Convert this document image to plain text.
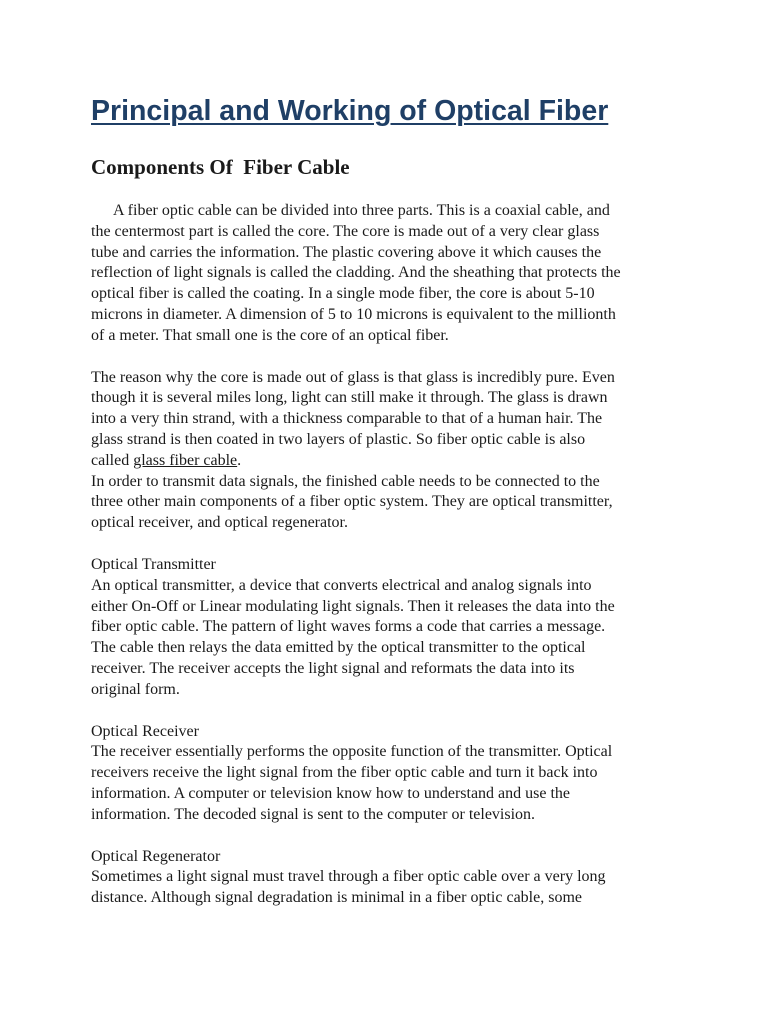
Principal and Working of Optical Fiber
Components Of  Fiber Cable

A fiber optic cable can be divided into three parts. This is a coaxial cable, and
the centermost part is called the core. The core is made out of a very clear glass
tube and carries the information. The plastic covering above it which causes the
reflection of light signals is called the cladding. And the sheathing that protects the
optical fiber is called the coating. In a single mode fiber, the core is about 5-10
microns in diameter. A dimension of 5 to 10 microns is equivalent to the millionth
of a meter. That small one is the core of an optical fiber.

The reason why the core is made out of glass is that glass is incredibly pure. Even
though it is several miles long, light can still make it through. The glass is drawn
into a very thin strand, with a thickness comparable to that of a human hair. The
glass strand is then coated in two layers of plastic. So fiber optic cable is also
called glass fiber cable.

In order to transmit data signals, the finished cable needs to be connected to the
three other main components of a fiber optic system. They are optical transmitter,
optical receiver, and optical regenerator.

Optical Transmitter

An optical transmitter, a device that converts electrical and analog signals into
either On-Off or Linear modulating light signals. Then it releases the data into the
fiber optic cable. The pattern of light waves forms a code that carries a message.
The cable then relays the data emitted by the optical transmitter to the optical
receiver. The receiver accepts the light signal and reformats the data into its
original form.

Optical Receiver

The receiver essentially performs the opposite function of the transmitter. Optical
receivers receive the light signal from the fiber optic cable and turn it back into
information. A computer or television know how to understand and use the
information. The decoded signal is sent to the computer or television.

Optical Regenerator

Sometimes a light signal must travel through a fiber optic cable over a very long
distance. Although signal degradation is minimal in a fiber optic cable, some
